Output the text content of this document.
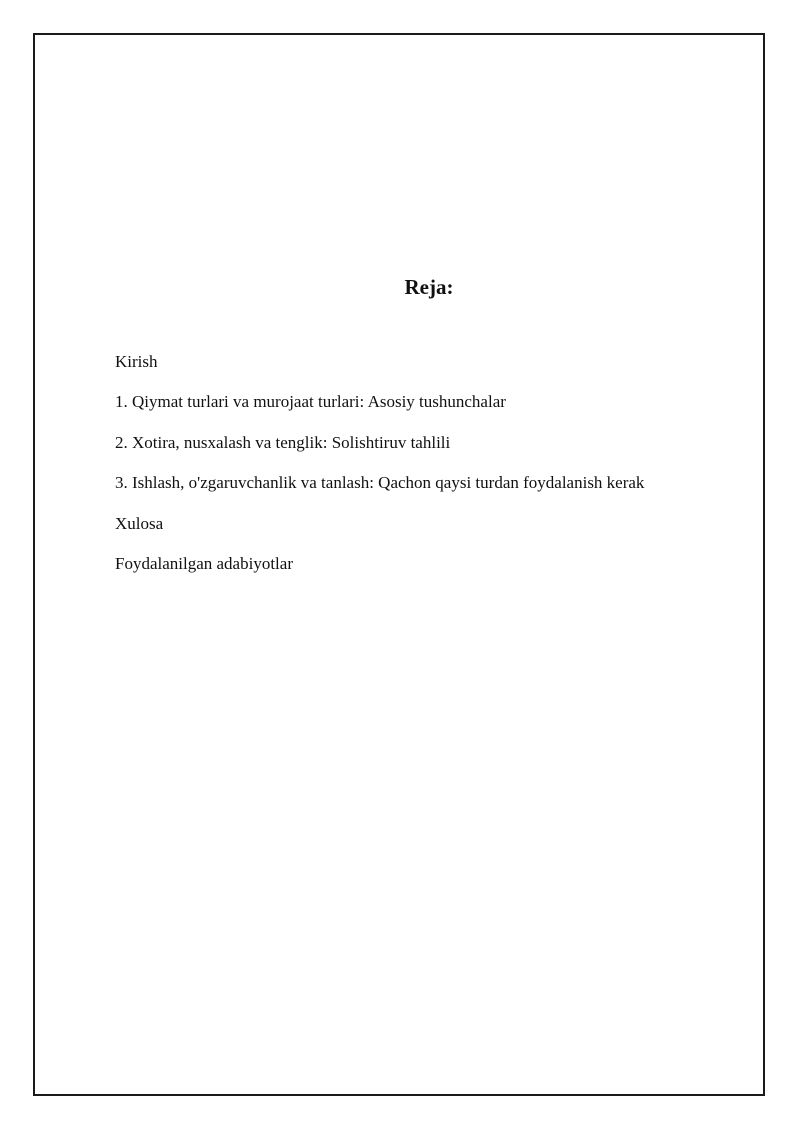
Reja:
Kirish
1. Qiymat turlari va murojaat turlari: Asosiy tushunchalar
2. Xotira, nusxalash va tenglik: Solishtiruv tahlili
3. Ishlash, o'zgaruvchanlik va tanlash: Qachon qaysi turdan foydalanish kerak
Xulosa
Foydalanilgan adabiyotlar
